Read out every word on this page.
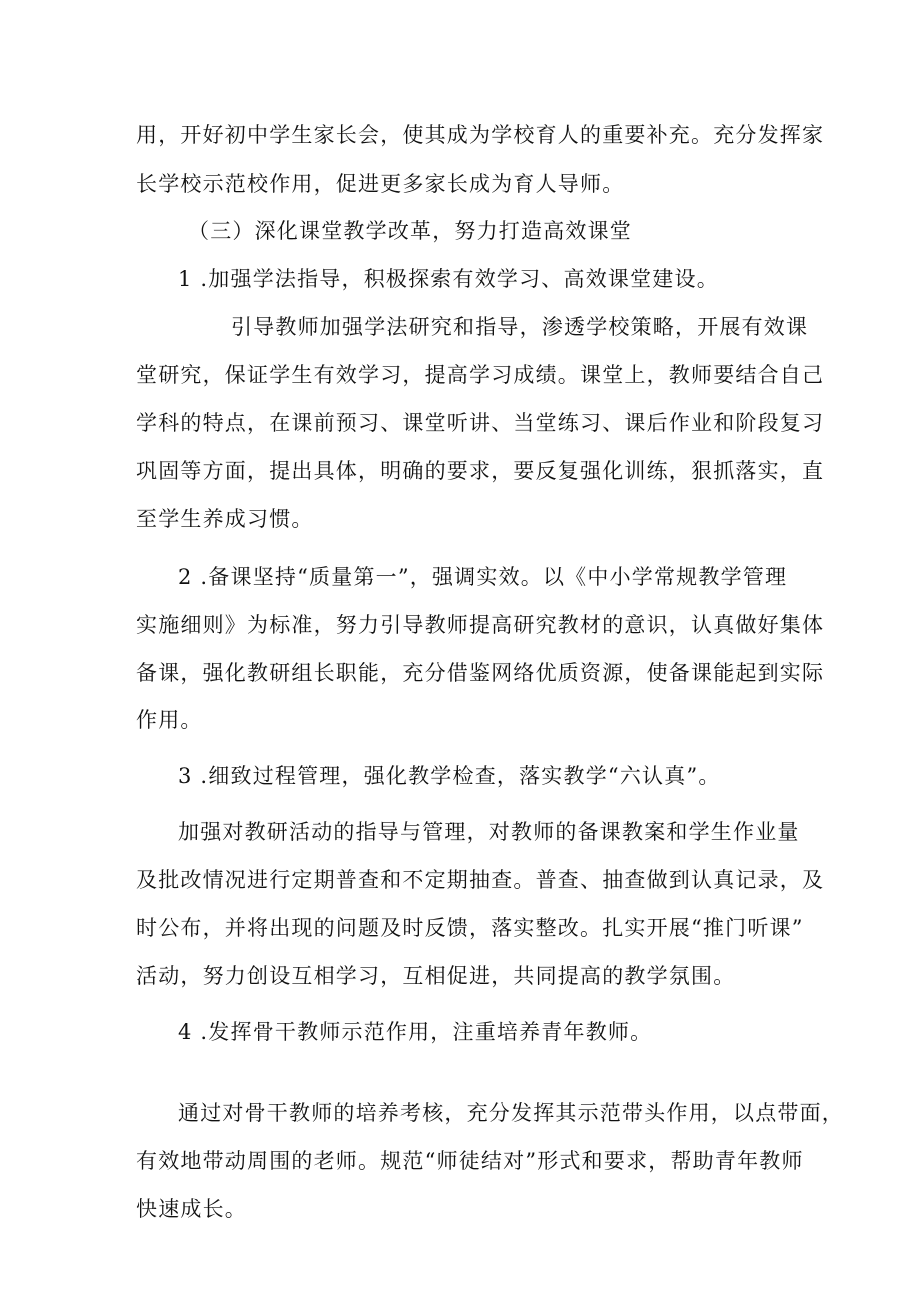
用，开好初中学生家长会，使其成为学校育人的重要补充。充分发挥家
长学校示范校作用，促进更多家长成为育人导师。
（三）深化课堂教学改革，努力打造高效课堂
1 .加强学法指导，积极探索有效学习、高效课堂建设。
引导教师加强学法研究和指导，渗透学校策略，开展有效课
堂研究，保证学生有效学习，提高学习成绩。课堂上，教师要结合自己
学科的特点，在课前预习、课堂听讲、当堂练习、课后作业和阶段复习
巩固等方面，提出具体，明确的要求，要反复强化训练，狠抓落实，直
至学生养成习惯。
2 .备课坚持“质量第一”，强调实效。以《中小学常规教学管理
实施细则》为标准，努力引导教师提高研究教材的意识，认真做好集体
备课，强化教研组长职能，充分借鉴网络优质资源，使备课能起到实际
作用。
3 .细致过程管理，强化教学检查，落实教学“六认真”。
加强对教研活动的指导与管理，对教师的备课教案和学生作业量
及批改情况进行定期普查和不定期抽查。普查、抽查做到认真记录，及
时公布，并将出现的问题及时反馈，落实整改。扎实开展“推门听课”
活动，努力创设互相学习，互相促进，共同提高的教学氛围。
4 .发挥骨干教师示范作用，注重培养青年教师。
通过对骨干教师的培养考核，充分发挥其示范带头作用，以点带面，
有效地带动周围的老师。规范“师徒结对”形式和要求，帮助青年教师
快速成长。
